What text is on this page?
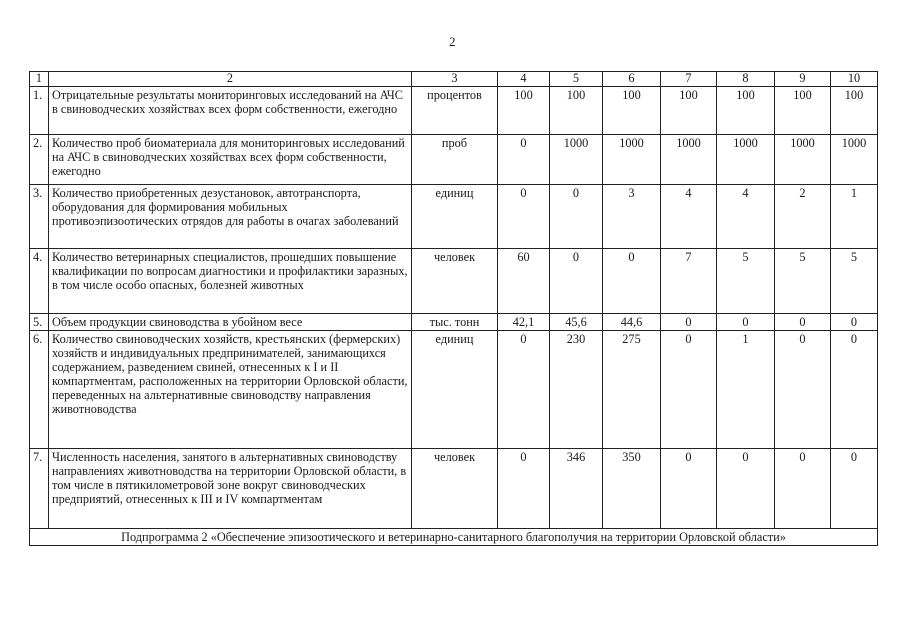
2
1	2	3	4	5	6	7	8	9	10
1.	Отрицательные результаты мониторинговых исследований на АЧС в свиноводческих хозяйствах всех форм собственности, ежегодно	процентов	100	100	100	100	100	100	100
2.	Количество проб биоматериала для мониторинговых исследований на АЧС в свиноводческих хозяйствах всех форм собственности, ежегодно	проб	0	1000	1000	1000	1000	1000	1000
3.	Количество приобретенных дезустановок, автотранспорта, оборудования для формирования мобильных противоэпизоотических отрядов для работы в очагах заболеваний	единиц	0	0	3	4	4	2	1
4.	Количество ветеринарных специалистов, прошедших повышение квалификации по вопросам диагностики и профилактики заразных, в том числе особо опасных, болезней животных	человек	60	0	0	7	5	5	5
5.	Объем продукции свиноводства в убойном весе	тыс. тонн	42,1	45,6	44,6	0	0	0	0
6.	Количество свиноводческих хозяйств, крестьянских (фермерских) хозяйств и индивидуальных предпринимателей, занимающихся содержанием, разведением свиней, отнесенных к I и II компартментам, расположенных на территории Орловской области, переведенных на альтернативные свиноводству направления животноводства	единиц	0	230	275	0	1	0	0
7.	Численность населения, занятого в альтернативных свиноводству направлениях животноводства на территории Орловской области, в том числе в пятикилометровой зоне вокруг свиноводческих предприятий, отнесенных к III и IV компартментам	человек	0	346	350	0	0	0	0
Подпрограмма 2 «Обеспечение эпизоотического и ветеринарно-санитарного благополучия на территории Орловской области»									
